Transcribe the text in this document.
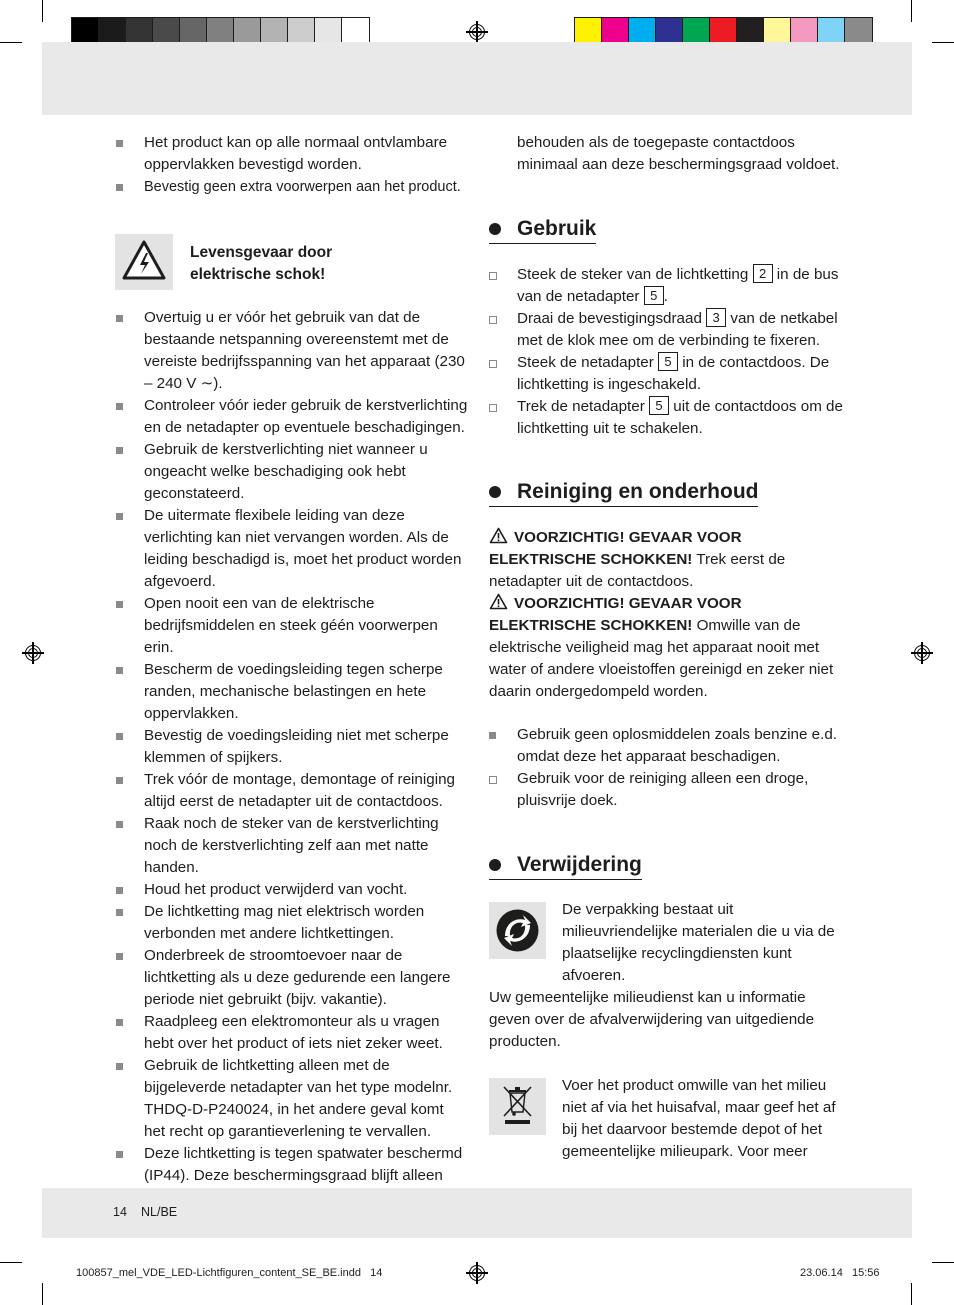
Het product kan op alle normaal ontvlambare oppervlakken bevestigd worden.

Bevestig geen extra voorwerpen aan het product.

Levensgevaar door
elektrische schok!

Overtuig u er vóór het gebruik van dat de bestaande netspanning overeenstemt met de vereiste bedrijfsspanning van het apparaat (230 – 240 V ∼).

Controleer vóór ieder gebruik de kerstverlichting en de netadapter op eventuele beschadigingen.

Gebruik de kerstverlichting niet wanneer u ongeacht welke beschadiging ook hebt geconstateerd.

De uitermate flexibele leiding van deze verlichting kan niet vervangen worden. Als de leiding beschadigd is, moet het product worden afgevoerd.

Open nooit een van de elektrische bedrijfsmiddelen en steek géén voorwerpen erin.

Bescherm de voedingsleiding tegen scherpe randen, mechanische belastingen en hete oppervlakken.

Bevestig de voedingsleiding niet met scherpe klemmen of spijkers.

Trek vóór de montage, demontage of reiniging altijd eerst de netadapter uit de contactdoos.

Raak noch de steker van de kerstverlichting noch de kerstverlichting zelf aan met natte handen.

Houd het product verwijderd van vocht.

De lichtketting mag niet elektrisch worden verbonden met andere lichtkettingen.

Onderbreek de stroomtoevoer naar de lichtketting als u deze gedurende een langere periode niet gebruikt (bijv. vakantie).

Raadpleeg een elektromonteur als u vragen hebt over het product of iets niet zeker weet.

Gebruik de lichtketting alleen met de bijgeleverde netadapter van het type modelnr. THDQ-D-P240024, in het andere geval komt het recht op garantieverlening te vervallen.

Deze lichtketting is tegen spatwater beschermd (IP44). Deze beschermingsgraad blijft alleen

behouden als de toegepaste contactdoos minimaal aan deze beschermingsgraad voldoet.

Gebruik

Steek de steker van de lichtketting 2 in de bus van de netadapter 5 .

Draai de bevestigingsdraad 3 van de netkabel met de klok mee om de verbinding te fixeren.

Steek de netadapter 5 in de contactdoos. De lichtketting is ingeschakeld.

Trek de netadapter 5 uit de contactdoos om de lichtketting uit te schakelen.

Reiniging en onderhoud

VOORZICHTIG! GEVAAR VOOR ELEKTRISCHE SCHOKKEN! Trek eerst de netadapter uit de contactdoos.

VOORZICHTIG! GEVAAR VOOR ELEKTRISCHE SCHOKKEN! Omwille van de elektrische veiligheid mag het apparaat nooit met water of andere vloeistoffen gereinigd en zeker niet daarin ondergedompeld worden.

Gebruik geen oplosmiddelen zoals benzine e.d. omdat deze het apparaat beschadigen.

Gebruik voor de reiniging alleen een droge, pluisvrije doek.

Verwijdering

De verpakking bestaat uit milieuvriendelijke materialen die u via de plaatselijke recyclingdiensten kunt afvoeren.

Uw gemeentelijke milieudienst kan u informatie geven over de afvalverwijdering van uitgediende producten.

Voer het product omwille van het milieu niet af via het huisafval, maar geef het af bij het daarvoor bestemde depot of het gemeentelijke milieupark. Voor meer

14 NL/BE
100857_mel_VDE_LED-Lichtfiguren_content_SE_BE.indd   14	23.06.14   15:56
